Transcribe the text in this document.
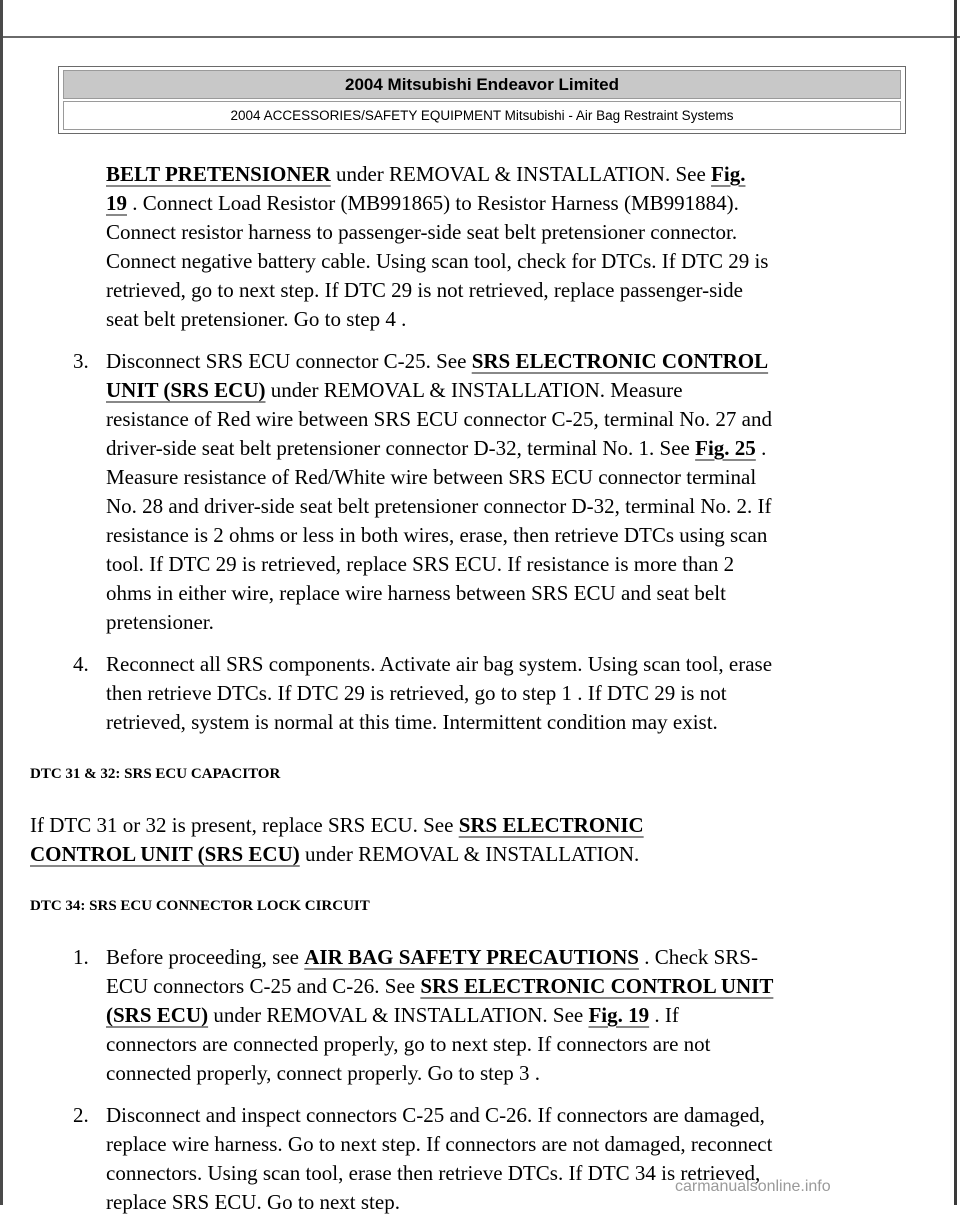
2004 Mitsubishi Endeavor Limited
2004 ACCESSORIES/SAFETY EQUIPMENT Mitsubishi - Air Bag Restraint Systems

BELT PRETENSIONER under REMOVAL & INSTALLATION. See Fig.

19 . Connect Load Resistor (MB991865) to Resistor Harness (MB991884).

Connect resistor harness to passenger-side seat belt pretensioner connector.

Connect negative battery cable. Using scan tool, check for DTCs. If DTC 29 is

retrieved, go to next step. If DTC 29 is not retrieved, replace passenger-side

seat belt pretensioner. Go to step 4 .

3. Disconnect SRS ECU connector C-25. See SRS ELECTRONIC CONTROL

UNIT (SRS ECU) under REMOVAL & INSTALLATION. Measure

resistance of Red wire between SRS ECU connector C-25, terminal No. 27 and

driver-side seat belt pretensioner connector D-32, terminal No. 1. See Fig. 25 .

Measure resistance of Red/White wire between SRS ECU connector terminal

No. 28 and driver-side seat belt pretensioner connector D-32, terminal No. 2. If

resistance is 2 ohms or less in both wires, erase, then retrieve DTCs using scan

tool. If DTC 29 is retrieved, replace SRS ECU. If resistance is more than 2

ohms in either wire, replace wire harness between SRS ECU and seat belt

pretensioner.

4. Reconnect all SRS components. Activate air bag system. Using scan tool, erase

then retrieve DTCs. If DTC 29 is retrieved, go to step 1 . If DTC 29 is not

retrieved, system is normal at this time. Intermittent condition may exist.

DTC 31 & 32: SRS ECU CAPACITOR

If DTC 31 or 32 is present, replace SRS ECU. See SRS ELECTRONIC

CONTROL UNIT (SRS ECU) under REMOVAL & INSTALLATION.

DTC 34: SRS ECU CONNECTOR LOCK CIRCUIT

1. Before proceeding, see AIR BAG SAFETY PRECAUTIONS . Check SRS-

ECU connectors C-25 and C-26. See SRS ELECTRONIC CONTROL UNIT

(SRS ECU) under REMOVAL & INSTALLATION. See Fig. 19 . If

connectors are connected properly, go to next step. If connectors are not

connected properly, connect properly. Go to step 3 .

2. Disconnect and inspect connectors C-25 and C-26. If connectors are damaged,

replace wire harness. Go to next step. If connectors are not damaged, reconnect

connectors. Using scan tool, erase then retrieve DTCs. If DTC 34 is retrieved,

replace SRS ECU. Go to next step.

carmanualsonline.info
